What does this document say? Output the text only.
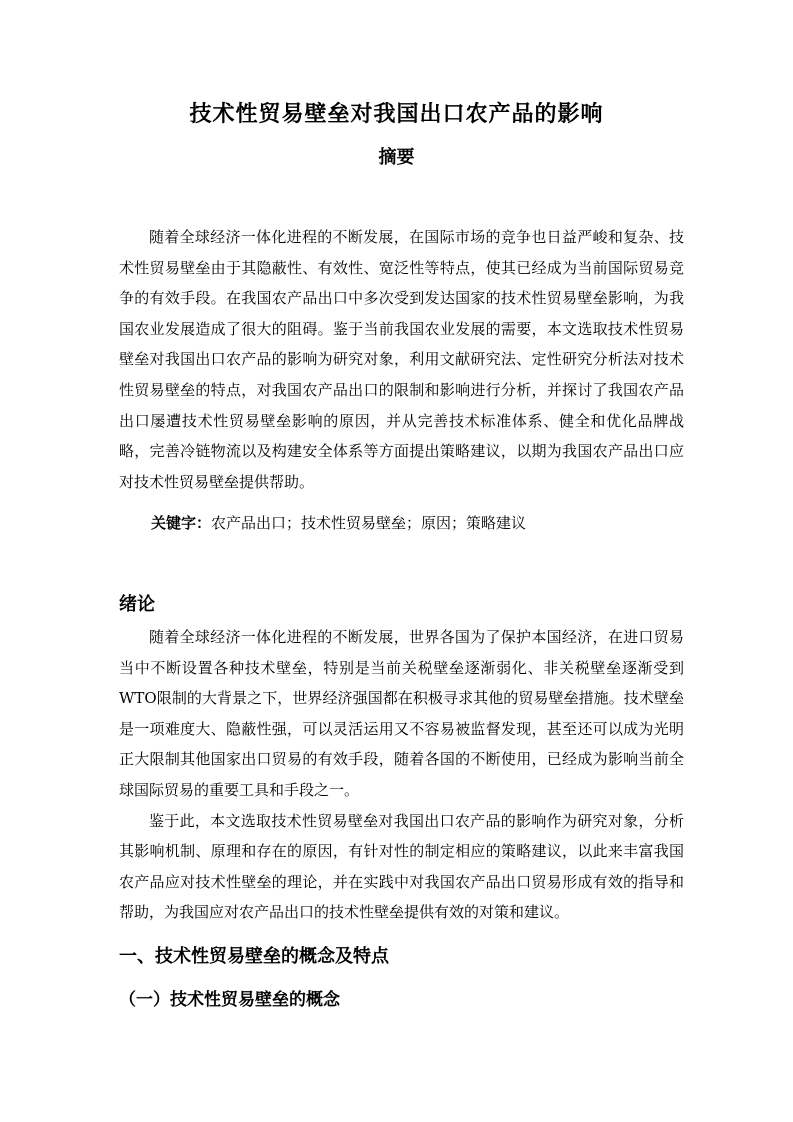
技术性贸易壁垒对我国出口农产品的影响
摘要

随着全球经济一体化进程的不断发展，在国际市场的竞争也日益严峻和复杂、技术性贸易壁垒由于其隐蔽性、有效性、宽泛性等特点，使其已经成为当前国际贸易竞争的有效手段。在我国农产品出口中多次受到发达国家的技术性贸易壁垒影响，为我国农业发展造成了很大的阻碍。鉴于当前我国农业发展的需要，本文选取技术性贸易壁垒对我国出口农产品的影响为研究对象，利用文献研究法、定性研究分析法对技术性贸易壁垒的特点，对我国农产品出口的限制和影响进行分析，并探讨了我国农产品出口屡遭技术性贸易壁垒影响的原因，并从完善技术标准体系、健全和优化品牌战略，完善冷链物流以及构建安全体系等方面提出策略建议，以期为我国农产品出口应对技术性贸易壁垒提供帮助。

关键字：农产品出口；技术性贸易壁垒；原因；策略建议
绪论

随着全球经济一体化进程的不断发展，世界各国为了保护本国经济，在进口贸易当中不断设置各种技术壁垒，特别是当前关税壁垒逐渐弱化、非关税壁垒逐渐受到WTO限制的大背景之下，世界经济强国都在积极寻求其他的贸易壁垒措施。技术壁垒是一项难度大、隐蔽性强，可以灵活运用又不容易被监督发现，甚至还可以成为光明正大限制其他国家出口贸易的有效手段，随着各国的不断使用，已经成为影响当前全球国际贸易的重要工具和手段之一。

鉴于此，本文选取技术性贸易壁垒对我国出口农产品的影响作为研究对象，分析其影响机制、原理和存在的原因，有针对性的制定相应的策略建议，以此来丰富我国农产品应对技术性壁垒的理论，并在实践中对我国农产品出口贸易形成有效的指导和帮助，为我国应对农产品出口的技术性壁垒提供有效的对策和建议。

一、技术性贸易壁垒的概念及特点
（一）技术性贸易壁垒的概念
